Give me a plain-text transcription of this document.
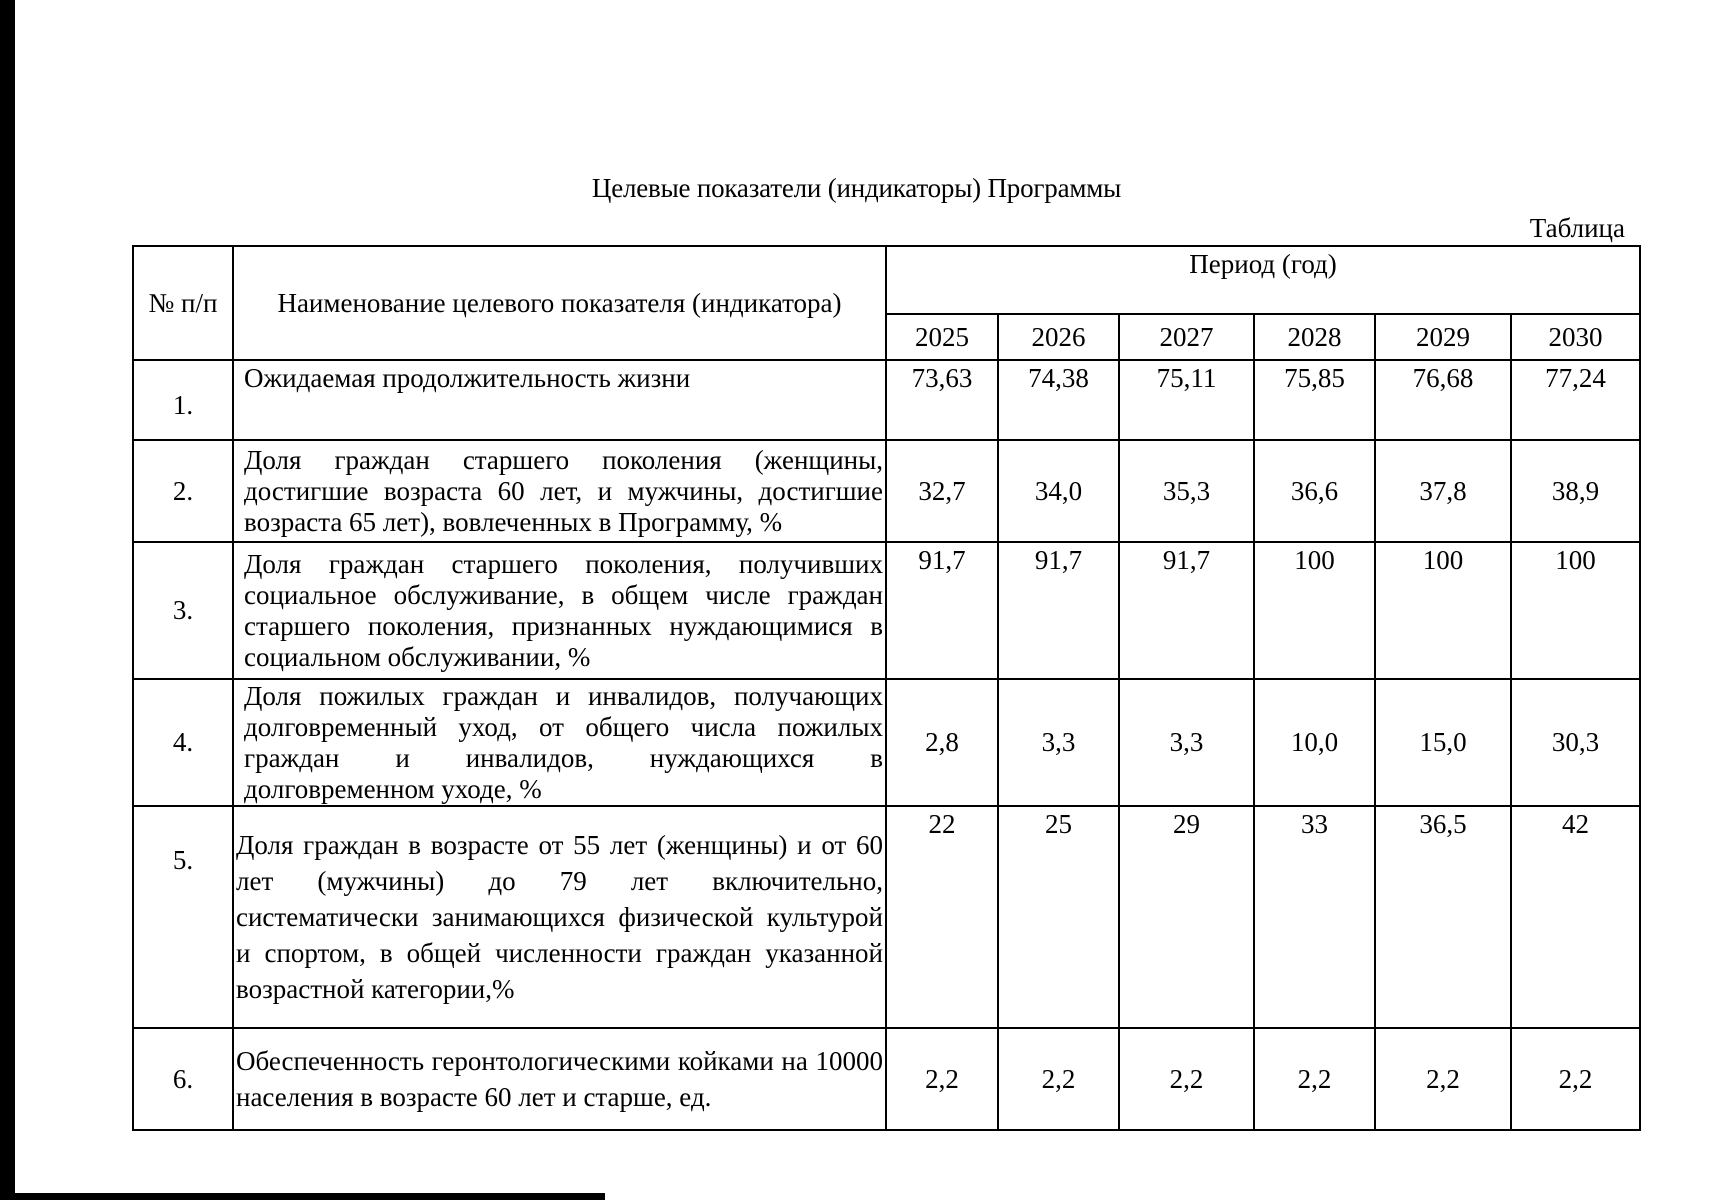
Целевые показатели (индикаторы) Программы
Таблица
№ п/п	Наименование целевого показателя (индикатора)	Период (год)					
		2025	2026	2027	2028	2029	2030
1.	Ожидаемая продолжительность жизни	73,63	74,38	75,11	75,85	76,68	77,24
2.	Доля граждан старшего поколения (женщины, достигшие возраста 60 лет, и мужчины, достигшие возраста 65 лет), вовлеченных в Программу, %	32,7	34,0	35,3	36,6	37,8	38,9
3.	Доля граждан старшего поколения, получивших социальное обслуживание, в общем числе граждан старшего поколения, признанных нуждающимися в социальном обслуживании, %	91,7	91,7	91,7	100	100	100
4.	Доля пожилых граждан и инвалидов, получающих долговременный уход, от общего числа пожилых граждан и инвалидов, нуждающихся в долговременном уходе, %	2,8	3,3	3,3	10,0	15,0	30,3
5.	Доля граждан в возрасте от 55 лет (женщины) и от 60 лет (мужчины) до 79 лет включительно, систематически занимающихся физической культурой и спортом, в общей численности граждан указанной возрастной категории,%	22	25	29	33	36,5	42
6.	Обеспеченность геронтологическими койками на 10000 населения в возрасте 60 лет и старше, ед.	2,2	2,2	2,2	2,2	2,2	2,2
